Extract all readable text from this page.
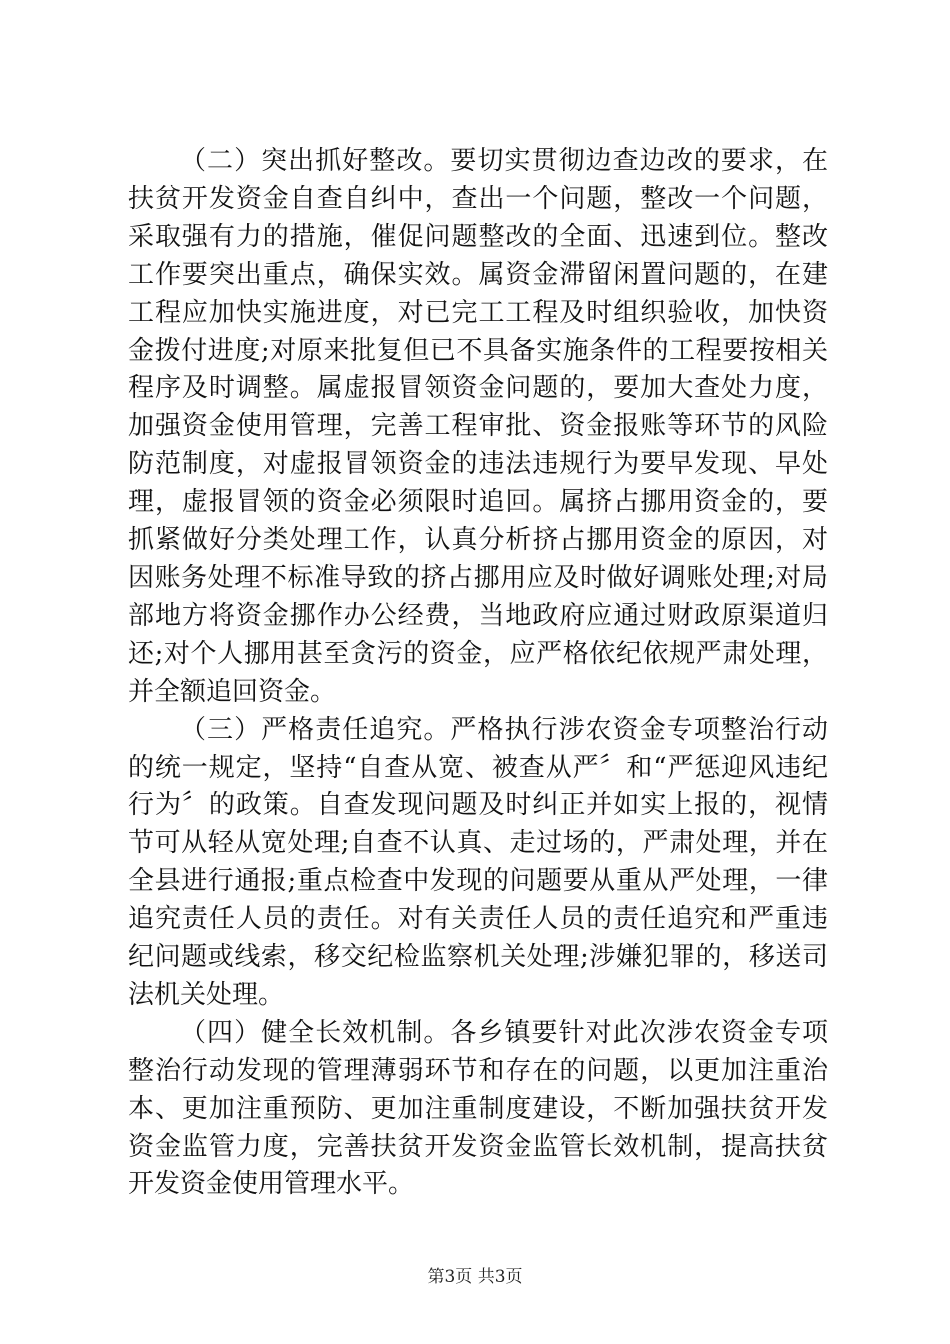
（二）突出抓好整改。要切实贯彻边查边改的要求，在扶贫开发资金自查自纠中，查出一个问题，整改一个问题，采取强有力的措施，催促问题整改的全面、迅速到位。整改工作要突出重点，确保实效。属资金滞留闲置问题的，在建工程应加快实施进度，对已完工工程及时组织验收，加快资金拨付进度;对原来批复但已不具备实施条件的工程要按相关程序及时调整。属虚报冒领资金问题的，要加大查处力度，加强资金使用管理，完善工程审批、资金报账等环节的风险防范制度，对虚报冒领资金的违法违规行为要早发现、早处理，虚报冒领的资金必须限时追回。属挤占挪用资金的，要抓紧做好分类处理工作，认真分析挤占挪用资金的原因，对因账务处理不标准导致的挤占挪用应及时做好调账处理;对局部地方将资金挪作办公经费，当地政府应通过财政原渠道归还;对个人挪用甚至贪污的资金，应严格依纪依规严肃处理，并全额追回资金。

（三）严格责任追究。严格执行涉农资金专项整治行动的统一规定，坚持“自查从宽、被查从严〞和“严惩迎风违纪行为〞的政策。自查发现问题及时纠正并如实上报的，视情节可从轻从宽处理;自查不认真、走过场的，严肃处理，并在全县进行通报;重点检查中发现的问题要从重从严处理，一律追究责任人员的责任。对有关责任人员的责任追究和严重违纪问题或线索，移交纪检监察机关处理;涉嫌犯罪的，移送司法机关处理。

（四）健全长效机制。各乡镇要针对此次涉农资金专项整治行动发现的管理薄弱环节和存在的问题，以更加注重治本、更加注重预防、更加注重制度建设，不断加强扶贫开发资金监管力度，完善扶贫开发资金监管长效机制，提高扶贫开发资金使用管理水平。

第3页 共3页
